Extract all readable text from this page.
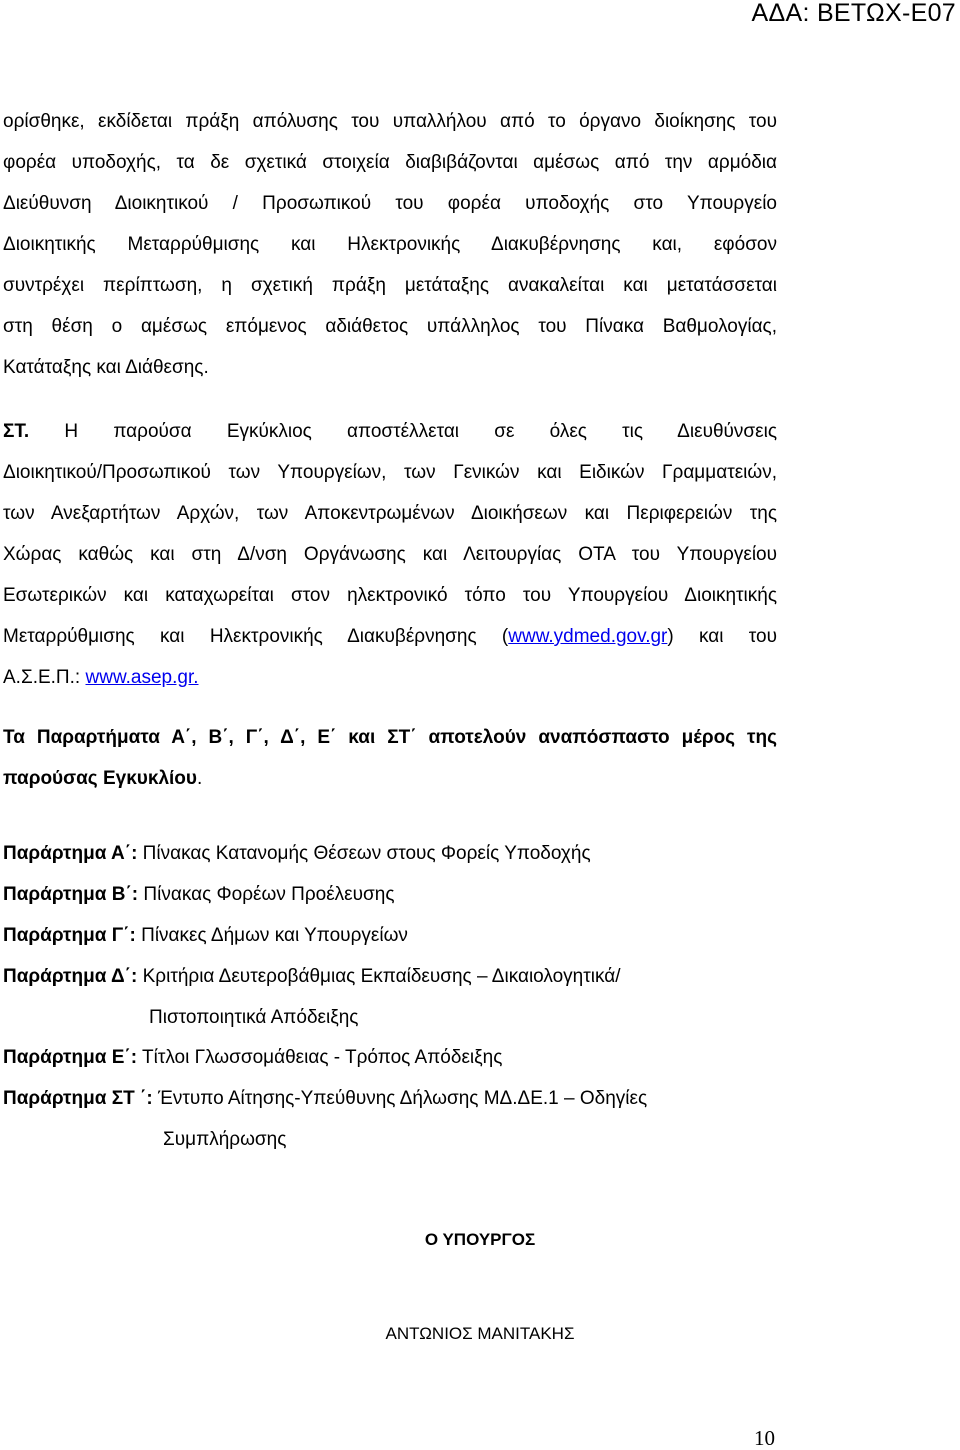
ΑΔΑ: ΒΕΤΩΧ-Ε07
ορίσθηκε, εκδίδεται πράξη απόλυσης του υπαλλήλου από το όργανο διοίκησης του
φορέα υποδοχής, τα δε σχετικά στοιχεία διαβιβάζονται αμέσως από την αρμόδια
Διεύθυνση Διοικητικού / Προσωπικού του φορέα υποδοχής στο Υπουργείο
Διοικητικής Μεταρρύθμισης και Ηλεκτρονικής Διακυβέρνησης και, εφόσον
συντρέχει περίπτωση, η σχετική πράξη μετάταξης ανακαλείται και μετατάσσεται
στη θέση ο αμέσως επόμενος αδιάθετος υπάλληλος του Πίνακα Βαθμολογίας,
Κατάταξης και Διάθεσης.
ΣΤ. Η παρούσα Εγκύκλιος αποστέλλεται σε όλες τις Διευθύνσεις
Διοικητικού/Προσωπικού των Υπουργείων, των Γενικών και Ειδικών Γραμματειών,
των Ανεξαρτήτων Αρχών, των Αποκεντρωμένων Διοικήσεων και Περιφερειών της
Χώρας καθώς και στη Δ/νση Οργάνωσης και Λειτουργίας ΟΤΑ του Υπουργείου
Εσωτερικών και καταχωρείται στον ηλεκτρονικό τόπο του Υπουργείου Διοικητικής
Μεταρρύθμισης και Ηλεκτρονικής Διακυβέρνησης (www.ydmed.gov.gr) και του
Α.Σ.Ε.Π.: www.asep.gr.
Τα Παραρτήματα Α΄, Β΄, Γ΄, Δ΄, Ε΄ και ΣΤ΄ αποτελούν αναπόσπαστο μέρος της
παρούσας Εγκυκλίου.
Παράρτημα Α΄: Πίνακας Κατανομής Θέσεων στους Φορείς Υποδοχής
Παράρτημα Β΄: Πίνακας Φορέων Προέλευσης
Παράρτημα Γ΄: Πίνακες Δήμων και Υπουργείων
Παράρτημα Δ΄: Κριτήρια Δευτεροβάθμιας Εκπαίδευσης – Δικαιολογητικά/
Πιστοποιητικά Απόδειξης
Παράρτημα Ε΄: Τίτλοι Γλωσσομάθειας - Τρόπος Απόδειξης
Παράρτημα ΣΤ ΄: Έντυπο Αίτησης-Υπεύθυνης Δήλωσης ΜΔ.ΔΕ.1 – Οδηγίες
Συμπλήρωσης
Ο ΥΠΟΥΡΓΟΣ
ΑΝΤΩΝΙΟΣ ΜΑΝΙΤΑΚΗΣ
10
